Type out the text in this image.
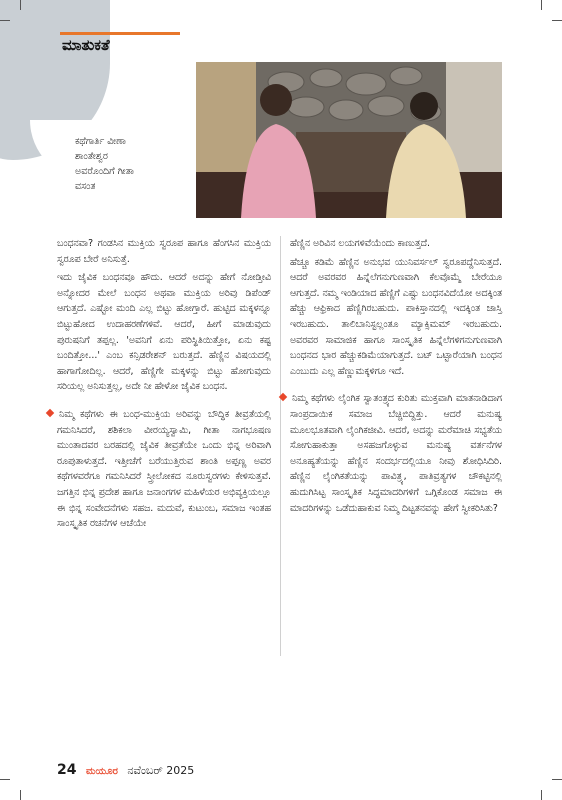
ಮಾತುಕತೆ
ಕಥೆಗಾರ್ತಿ ವೀಣಾ
ಶಾಂತೇಶ್ವರ
ಅವರೊಂದಿಗೆ ಗೀತಾ
ವಸಂತ

ಬಂಧನವಾ? ಗಂಡಸಿನ ಮುಕ್ತಿಯ ಸ್ವರೂಪ ಹಾಗೂ ಹೆಂಗಸಿನ ಮುಕ್ತಿಯ ಸ್ವರೂಪ ಬೇರೆ ಅನಿಸುತ್ತೆ.

ಇದು ಜೈವಿಕ ಬಂಧನವೂ ಹೌದು. ಆದರೆ ಅದನ್ನು ಹೇಗೆ ನೋಡ್ತೀವಿ ಅನ್ನೋದರ ಮೇಲೆ ಬಂಧನ ಅಥವಾ ಮುಕ್ತಿಯ ಅರಿವು ಡಿಪೆಂಡ್ ಆಗುತ್ತದೆ. ಎಷ್ಟೋ ಮಂದಿ ಎಲ್ಲ ಬಿಟ್ಟು ಹೋಗ್ತಾರೆ. ಹುಟ್ಟಿದ ಮಕ್ಕಳನ್ನೂ ಬಿಟ್ಟುಹೋದ ಉದಾಹರಣೆಗಳಿವೆ. ಆದರೆ, ಹೀಗೆ ಮಾಡುವುದು ಪುರುಷನಿಗೆ ತಪ್ಪಲ್ಲ. 'ಅವನಿಗೆ ಏನು ಪರಿಸ್ಥಿತಿಯಿತ್ತೋ, ಏನು ಕಷ್ಟ ಬಂದಿತ್ತೋ...' ಎಂಬ ಕನ್ಸಿಡರೇಶನ್ ಬರುತ್ತದೆ. ಹೆಣ್ಣಿನ ವಿಷಯದಲ್ಲಿ ಹಾಗಾಗೋದಿಲ್ಲ. ಆದರೆ, ಹೆಣ್ಣಿಗೇ ಮಕ್ಕಳನ್ನು ಬಿಟ್ಟು ಹೋಗುವುದು ಸರಿಯಲ್ಲ ಅನಿಸುತ್ತಲ್ಲ, ಅದೇ ನೀ ಹೇಳೋ ಜೈವಿಕ ಬಂಧನ.

ನಿಮ್ಮ ಕಥೆಗಳು ಈ ಬಂಧ-ಮುಕ್ತಿಯ ಅರಿವನ್ನು ಬೌದ್ಧಿಕ ತೀವ್ರತೆಯಲ್ಲಿ ಗಮನಿಸಿದರೆ, ಶಶಿಕಲಾ ವೀರಯ್ಯಸ್ವಾಮಿ, ಗೀತಾ ನಾಗಭೂಷಣ ಮುಂತಾದವರ ಬರಹದಲ್ಲಿ ಜೈವಿಕ ತೀವ್ರತೆಯೇ ಒಂದು ಭಿನ್ನ ಅರಿವಾಗಿ ರೂಪುತಾಳುತ್ತದೆ. ಇತ್ತೀಚೆಗೆ ಬರೆಯುತ್ತಿರುವ ಶಾಂತಿ ಅಪ್ಪಣ್ಣ ಅವರ ಕಥೆಗಳವರೆಗೂ ಗಮನಿಸಿದರೆ ಸ್ತ್ರೀಲೋಕದ ನೂರುಸ್ವರಗಳು ಕೇಳಿಸುತ್ತವೆ. ಜಗತ್ತಿನ ಭಿನ್ನ ಪ್ರದೇಶ ಹಾಗೂ ಜನಾಂಗಗಳ ಮಹಿಳೆಯರ ಅಭಿವ್ಯಕ್ತಿಯಲ್ಲೂ ಈ ಭಿನ್ನ ಸಂವೇದನೆಗಳು ಸಹಜ. ಮದುವೆ, ಕುಟುಂಬ, ಸಮಾಜ ಇಂತಹ ಸಾಂಸ್ಕೃತಿಕ ರಚನೆಗಳ ಆಚೆಯೇ

ಹೆಣ್ಣಿನ ಅರಿವಿನ ಲಯಗಳಿವೆಯೆಂದು ಕಾಣುತ್ತದೆ.

ಹೆಚ್ಚೂ ಕಡಿಮೆ ಹೆಣ್ಣಿನ ಅನುಭವ ಯುನಿವರ್ಸಲ್ ಸ್ವರೂಪದ್ದೆನಿಸುತ್ತದೆ. ಆದರೆ ಅವರವರ ಹಿನ್ನೆಲೆಗನುಗುಣವಾಗಿ ಕೆಲವೊಮ್ಮೆ ಬೇರೆಯೂ ಆಗುತ್ತದೆ. ನಮ್ಮ ಇಂಡಿಯಾದ ಹೆಣ್ಣಿಗೆ ಎಷ್ಟು ಬಂಧನವಿದೆಯೋ ಅದಕ್ಕಿಂತ ಹೆಚ್ಚು ಆಫ್ರಿಕಾದ ಹೆಣ್ಣಿಗಿರಬಹುದು. ಪಾಕಿಸ್ತಾನದಲ್ಲಿ ಇದಕ್ಕಿಂತ ಜಾಸ್ತಿ ಇರಬಹುದು. ತಾಲಿಬಾನಿಸ್ಟಲ್ಲಂತೂ ಮ್ಯಾಕ್ಸಿಮಮ್ ಇರಬಹುದು. ಅವರವರ ಸಾಮಾಜಿಕ ಹಾಗೂ ಸಾಂಸ್ಕೃತಿಕ ಹಿನ್ನೆಲೆಗಳಿಗನುಗುಣವಾಗಿ ಬಂಧನದ ಭಾರ ಹೆಚ್ಚುಕಡಿಮೆಯಾಗುತ್ತದೆ. ಬಟ್ ಒಟ್ಟಾರೆಯಾಗಿ ಬಂಧನ ಎಂಬುದು ಎಲ್ಲ ಹೆಣ್ಣುಮಕ್ಕಳಿಗೂ ಇದೆ.

ನಿಮ್ಮ ಕಥೆಗಳು ಲೈಂಗಿಕ ಸ್ವಾತಂತ್ರ್ಯದ ಕುರಿತು ಮುಕ್ತವಾಗಿ ಮಾತನಾಡಿದಾಗ ಸಾಂಪ್ರದಾಯಿಕ ಸಮಾಜ ಬೆಚ್ಚಿಬಿದ್ದಿತ್ತು. ಆದರೆ ಮನುಷ್ಯ ಮೂಲಭೂತವಾಗಿ ಲೈಂಗಿಕಜೀವಿ. ಆದರೆ, ಅದನ್ನು ಮರೆಮಾಚಿ ಸಭ್ಯತೆಯ ಸೋಗುಹಾಕುತ್ತಾ ಅಸಹಜಗೊಳ್ಳುವ ಮನುಷ್ಯ ವರ್ತನೆಗಳ ಅನೂಹ್ಯತೆಯನ್ನು ಹೆಣ್ಣಿನ ಸಂದರ್ಭದಲ್ಲಿಯೂ ನೀವು ಶೋಧಿಸಿದಿರಿ. ಹೆಣ್ಣಿನ ಲೈಂಗಿಕತೆಯನ್ನು ಪಾವಿತ್ರ್ಯ, ಪಾತಿವ್ರತ್ಯಗಳ ಚೌಕಟ್ಟಿನಲ್ಲಿ ಹುದುಗಿಸಿಟ್ಟ ಸಾಂಸ್ಕೃತಿಕ ಸಿದ್ಧಮಾದರಿಗಳಿಗೆ ಒಗ್ಗಿಕೊಂಡ ಸಮಾಜ ಈ ಮಾದರಿಗಳನ್ನು ಒಡೆದುಹಾಕುವ ನಿಮ್ಮ ದಿಟ್ಟತನವನ್ನು ಹೇಗೆ ಸ್ವೀಕರಿಸಿತು?

24 ಮಯೂರ ನವೆಂಬರ್ 2025
